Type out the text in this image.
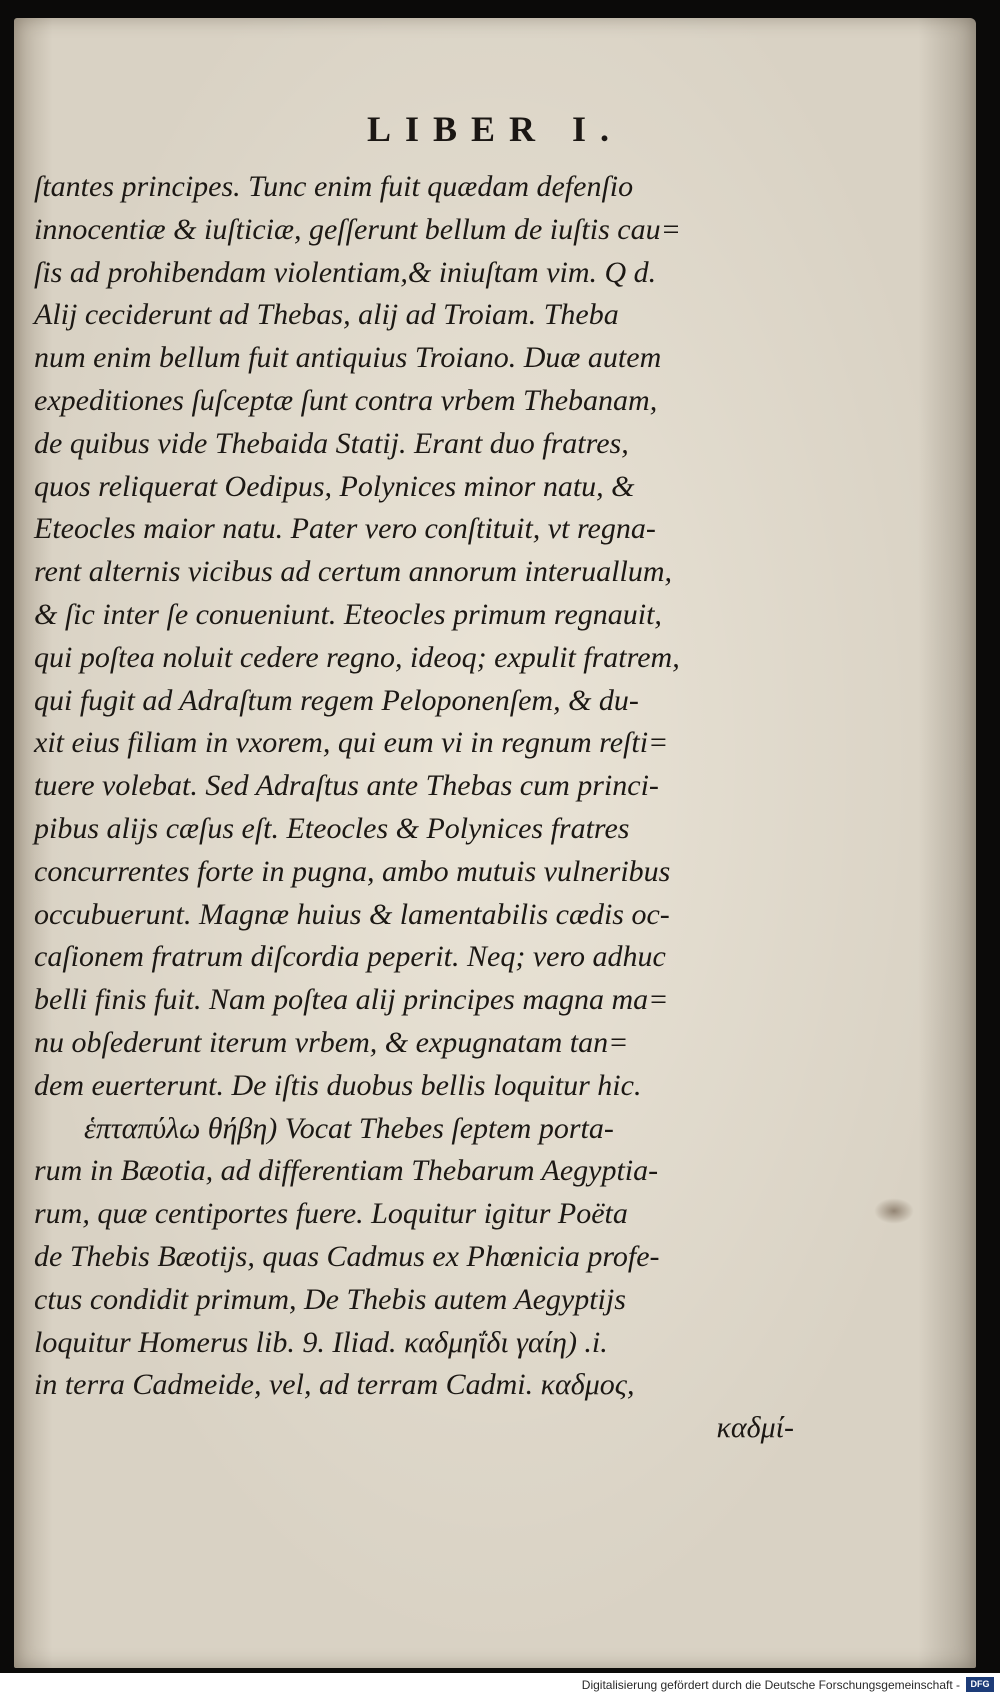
LIBER I.
ſtantes principes. Tunc enim fuit quædam defenſio
innocentiæ & iuſticiæ, geſſerunt bellum de iuſtis cau=
ſis ad prohibendam violentiam,& iniuſtam vim. Q d.
Alij ceciderunt ad Thebas, alij ad Troiam. Theba
num enim bellum fuit antiquius Troiano. Duæ autem
expeditiones ſuſceptæ ſunt contra vrbem Thebanam,
de quibus vide Thebaida Statij. Erant duo fratres,
quos reliquerat Oedipus, Polynices minor natu, &
Eteocles maior natu. Pater vero conſtituit, vt regna-
rent alternis vicibus ad certum annorum interuallum,
& ſic inter ſe conueniunt. Eteocles primum regnauit,
qui poſtea noluit cedere regno, ideoq; expulit fratrem,
qui fugit ad Adraſtum regem Peloponenſem, & du-
xit eius filiam in vxorem, qui eum vi in regnum reſti=
tuere volebat. Sed Adraſtus ante Thebas cum princi-
pibus alijs cæſus eſt. Eteocles & Polynices fratres
concurrentes forte in pugna, ambo mutuis vulneribus
occubuerunt. Magnæ huius & lamentabilis cædis oc-
caſionem fratrum diſcordia peperit. Neq; vero adhuc
belli finis fuit. Nam poſtea alij principes magna ma=
nu obſederunt iterum vrbem, & expugnatam tan=
dem euerterunt. De iſtis duobus bellis loquitur hic.
ἑπταπύλω θήβη) Vocat Thebes ſeptem porta-
rum in Bæotia, ad differentiam Thebarum Aegyptia-
rum, quæ centiportes fuere. Loquitur igitur Poëta
de Thebis Bæotijs, quas Cadmus ex Phœnicia profe-
ctus condidit primum, De Thebis autem Aegyptijs
loquitur Homerus lib. 9. Iliad. καδμηΐδι γαίη) .i.
in terra Cadmeide, vel, ad terram Cadmi. καδμος,
καδμί-
Digitalisierung gefördert durch die Deutsche Forschungsgemeinschaft -	DFG
